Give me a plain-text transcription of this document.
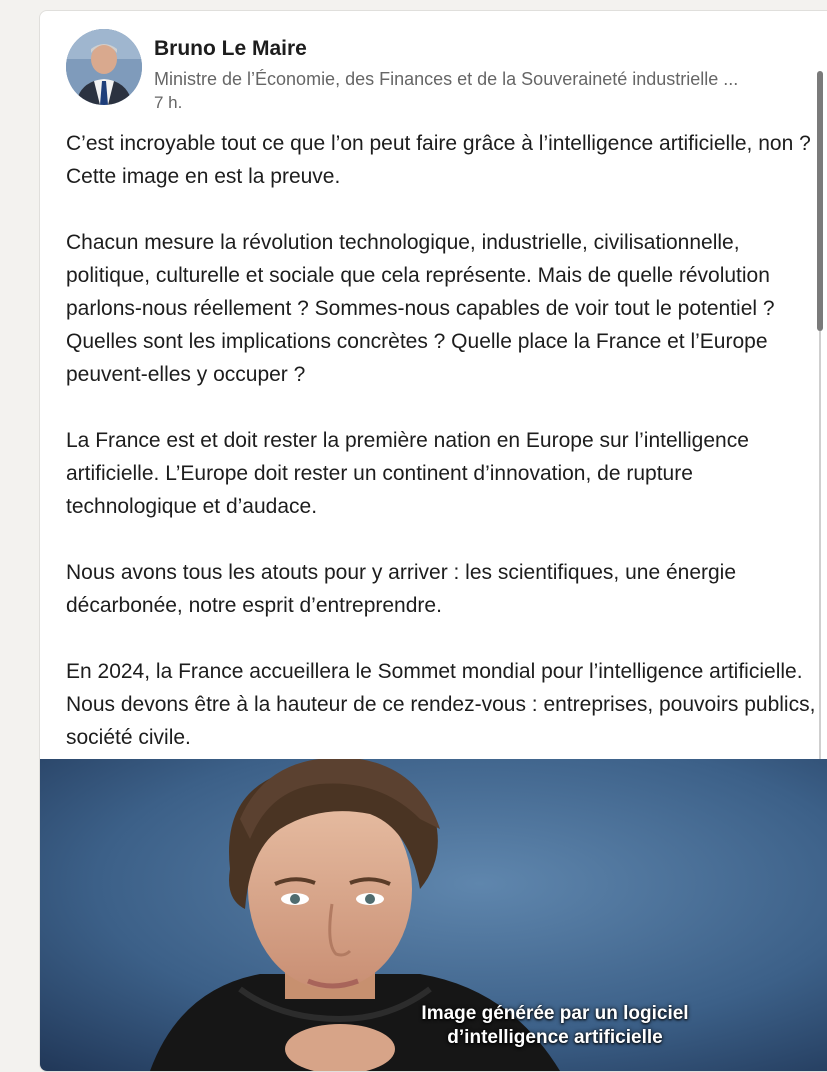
Bruno Le Maire
Ministre de l’Économie, des Finances et de la Souveraineté industrielle ...
7 h.

C’est incroyable tout ce que l’on peut faire grâce à l’intelligence artificielle, non ? Cette image en est la preuve.

Chacun mesure la révolution technologique, industrielle, civilisationnelle, politique, culturelle et sociale que cela représente. Mais de quelle révolution parlons-nous réellement ? Sommes-nous capables de voir tout le potentiel ? Quelles sont les implications concrètes ? Quelle place la France et l’Europe peuvent-elles y occuper ?

La France est et doit rester la première nation en Europe sur l’intelligence artificielle. L’Europe doit rester un continent d’innovation, de rupture technologique et d’audace.

Nous avons tous les atouts pour y arriver : les scientifiques, une énergie décarbonée, notre esprit d’entreprendre.

En 2024, la France accueillera le Sommet mondial pour l’intelligence artificielle. Nous devons être à la hauteur de ce rendez-vous : entreprises, pouvoirs publics, société civile.

Image générée par un logiciel
d’intelligence artificielle
